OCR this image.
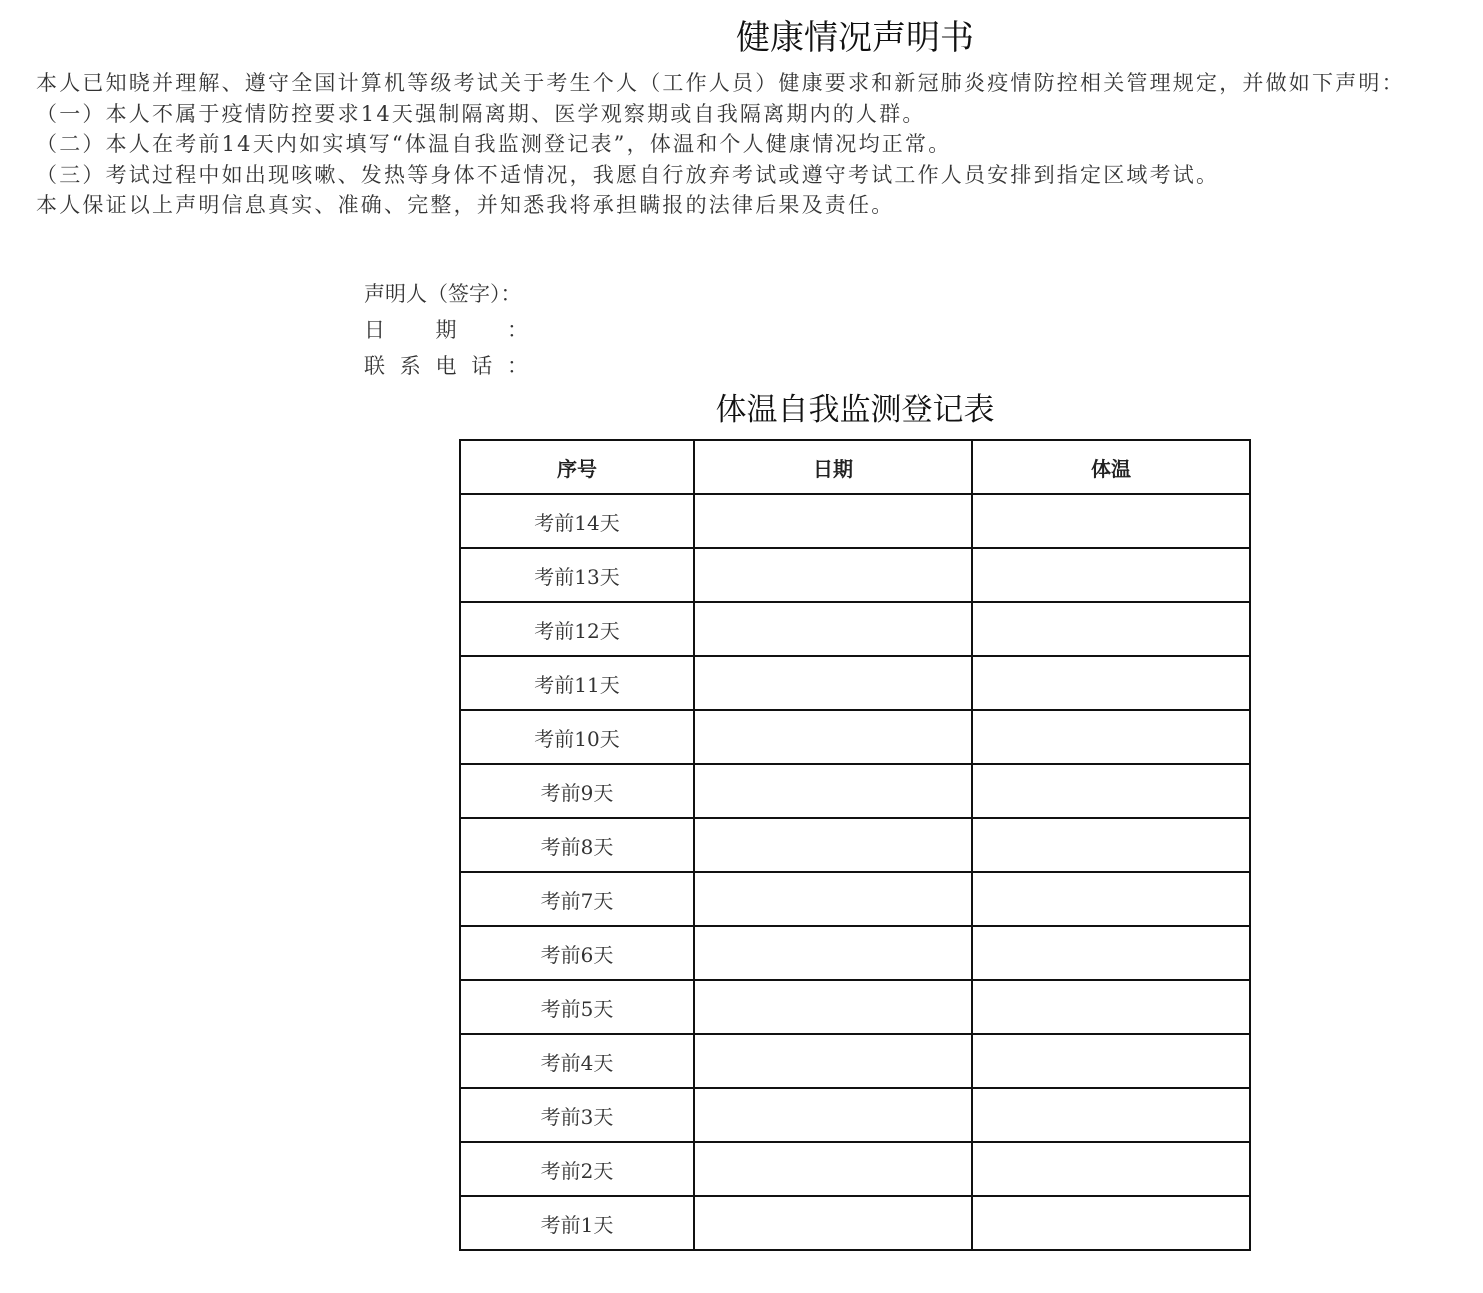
健康情况声明书

本人已知晓并理解、遵守全国计算机等级考试关于考生个人（工作人员）健康要求和新冠肺炎疫情防控相关管理规定，并做如下声明：

（一）本人不属于疫情防控要求14天强制隔离期、医学观察期或自我隔离期内的人群。

（二）本人在考前14天内如实填写“体温自我监测登记表”，体温和个人健康情况均正常。

（三）考试过程中如出现咳嗽、发热等身体不适情况，我愿自行放弃考试或遵守考试工作人员安排到指定区域考试。

本人保证以上声明信息真实、准确、完整，并知悉我将承担瞒报的法律后果及责任。

声明人（签字）：
日 期 ：
联 系 电 话 ：
体温自我监测登记表
序号	日期	体温
考前14天		
考前13天		
考前12天		
考前11天		
考前10天		
考前9天		
考前8天		
考前7天		
考前6天		
考前5天		
考前4天		
考前3天		
考前2天		
考前1天		
